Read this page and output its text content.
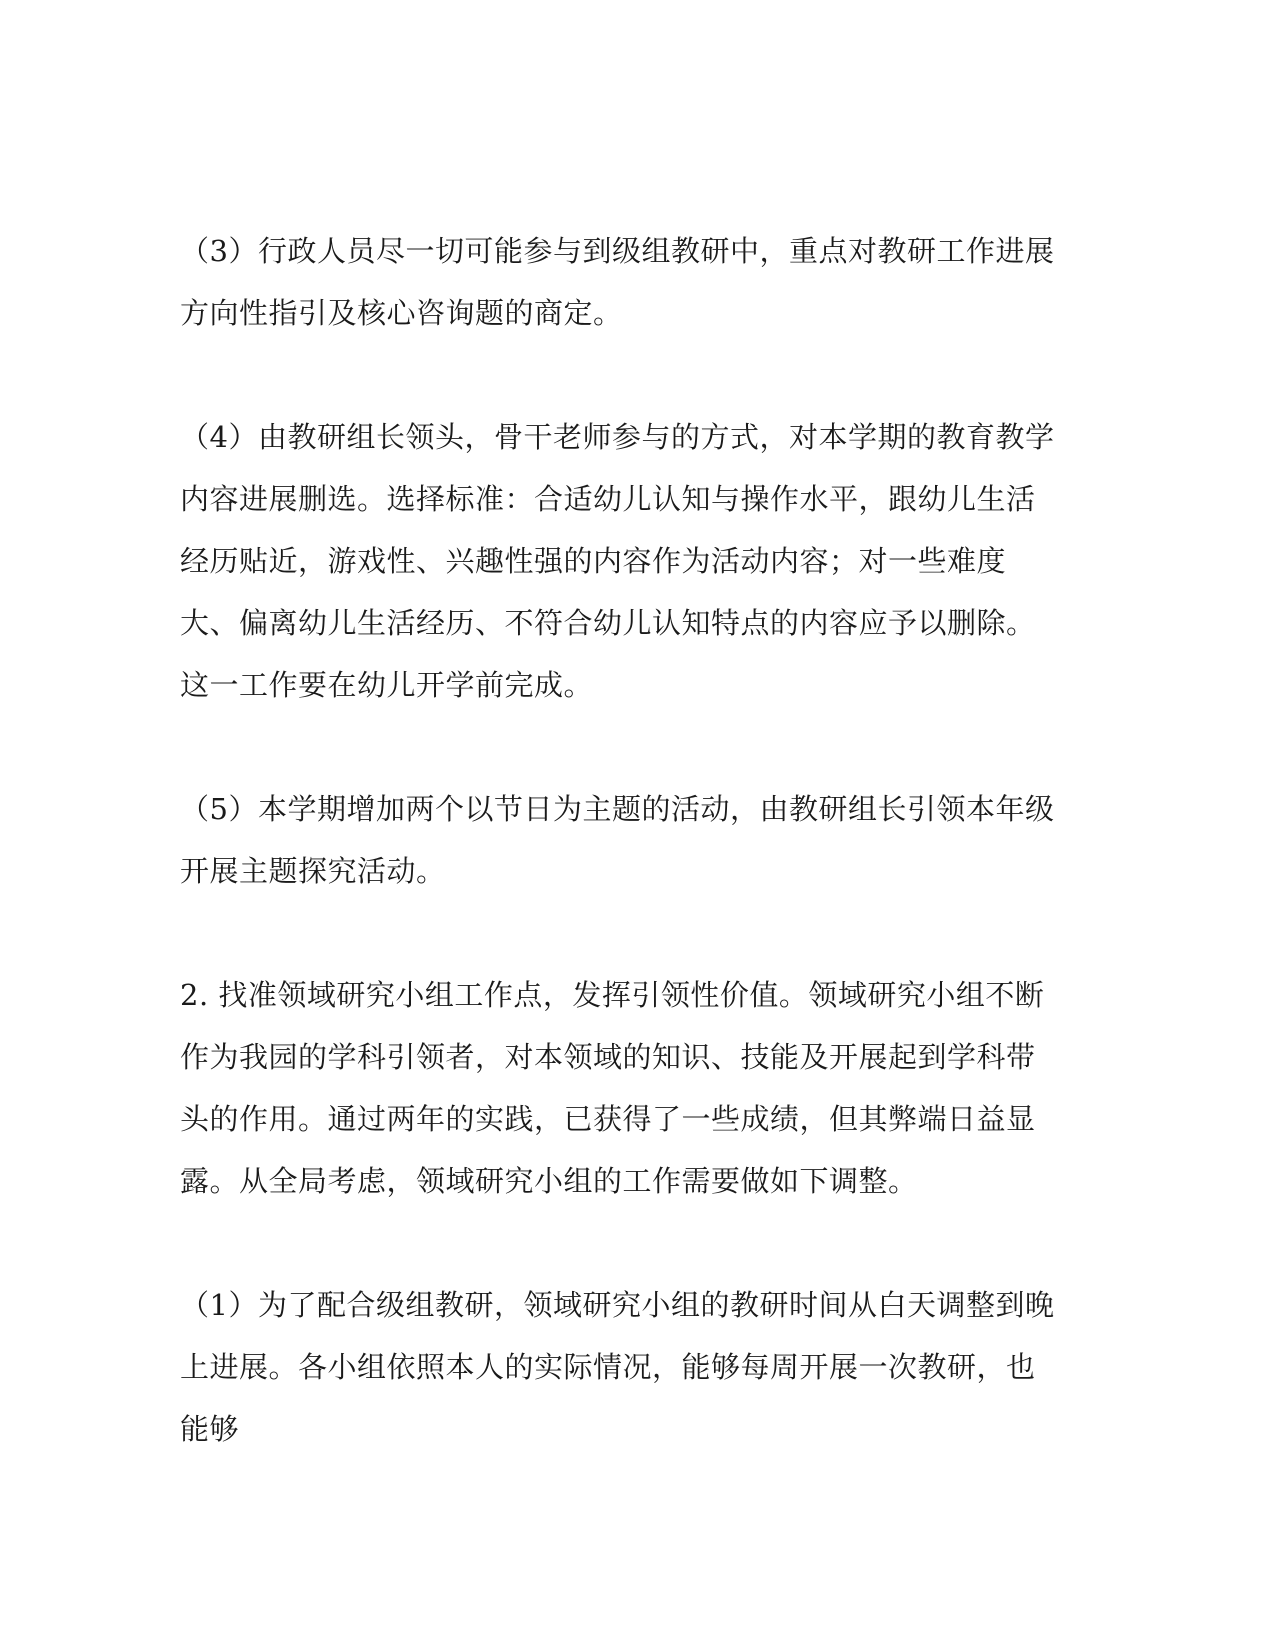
（3）行政人员尽一切可能参与到级组教研中，重点对教研工作进展方向性指引及核心咨询题的商定。

（4）由教研组长领头，骨干老师参与的方式，对本学期的教育教学内容进展删选。选择标准：合适幼儿认知与操作水平，跟幼儿生活经历贴近，游戏性、兴趣性强的内容作为活动内容；对一些难度大、偏离幼儿生活经历、不符合幼儿认知特点的内容应予以删除。这一工作要在幼儿开学前完成。

（5）本学期增加两个以节日为主题的活动，由教研组长引领本年级开展主题探究活动。

2. 找准领域研究小组工作点，发挥引领性价值。领域研究小组不断作为我园的学科引领者，对本领域的知识、技能及开展起到学科带头的作用。通过两年的实践，已获得了一些成绩，但其弊端日益显露。从全局考虑，领域研究小组的工作需要做如下调整。

（1）为了配合级组教研，领域研究小组的教研时间从白天调整到晚上进展。各小组依照本人的实际情况，能够每周开展一次教研，也能够
